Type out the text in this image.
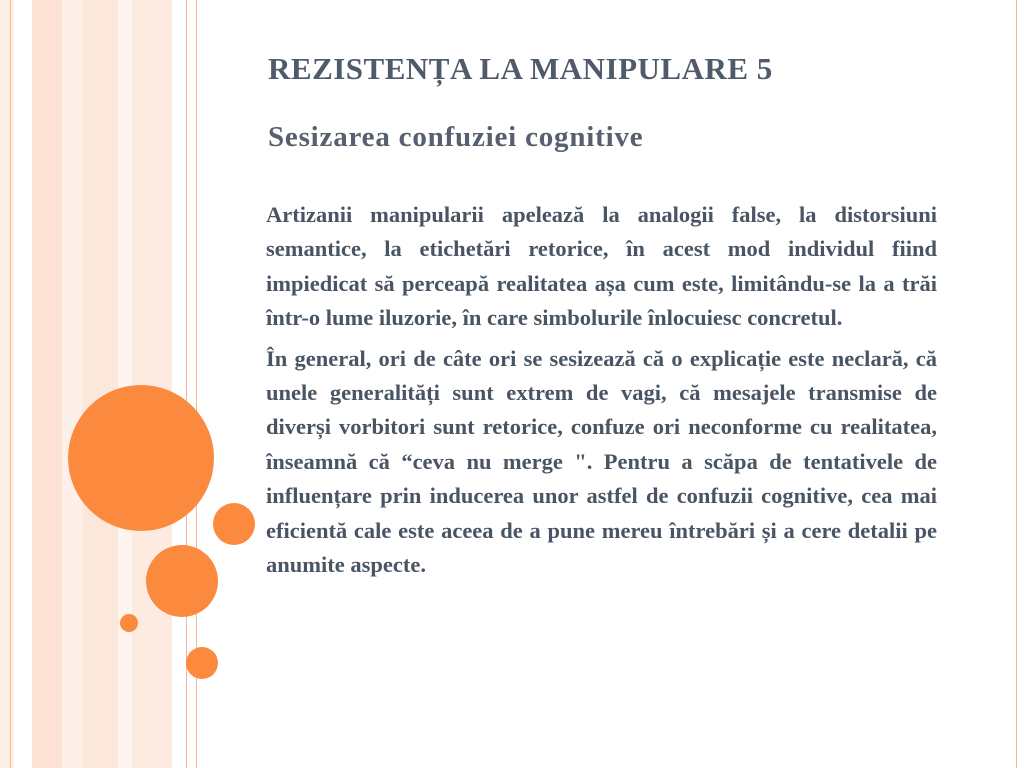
REZISTENȚA LA MANIPULARE 5
Sesizarea confuziei cognitive

Artizanii manipularii apelează la analogii false, la distorsiuni semantice, la etichetări retorice, în acest mod individul fiind impiedicat să perceapă realitatea așa cum este, limitându-se la a trăi într-o lume iluzorie, în care simbolurile înlocuiesc concretul.

În general, ori de câte ori se sesizează că o explicație este neclară, că unele generalități sunt extrem de vagi, că mesajele transmise de diverși vorbitori sunt retorice, confuze ori neconforme cu realitatea, înseamnă că “ceva nu merge ". Pentru a scăpa de tentativele de influențare prin inducerea unor astfel de confuzii cognitive, cea mai eficientă cale este aceea de a pune mereu întrebări și a cere detalii pe anumite aspecte.
